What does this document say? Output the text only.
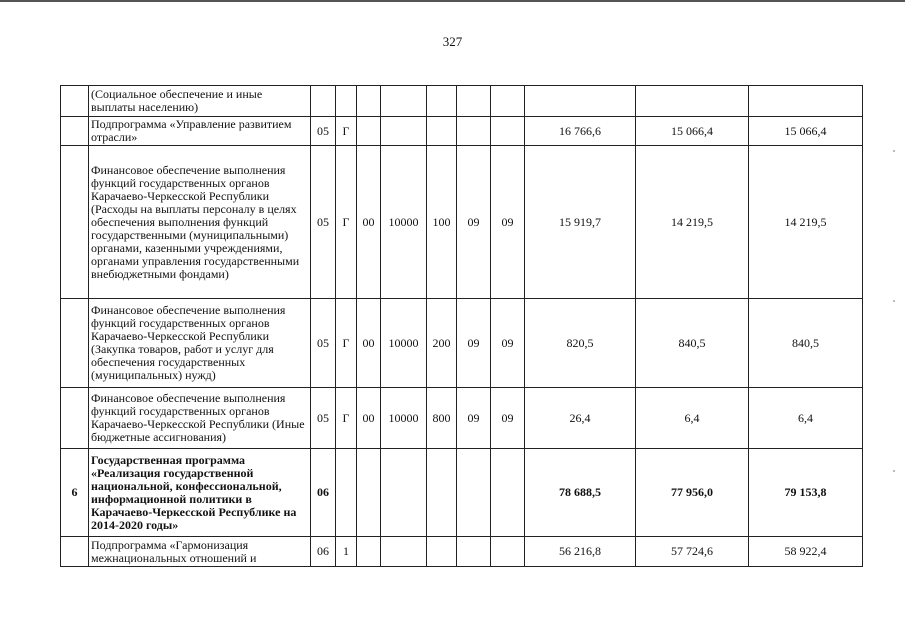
327
	(Социальное обеспечение и иные выплаты населению)										
	Подпрограмма «Управление развитием отрасли»	05	Г						16 766,6	15 066,4	15 066,4
	Финансовое обеспечение выполнения функций государственных органов Карачаево-Черкесской Республики (Расходы на выплаты персоналу в целях обеспечения выполнения функций государственными (муниципальными) органами, казенными учреждениями, органами управления государственными внебюджетными фондами)	05	Г	00	10000	100	09	09	15 919,7	14 219,5	14 219,5
	Финансовое обеспечение выполнения функций государственных органов Карачаево-Черкесской Республики (Закупка товаров, работ и услуг для обеспечения государственных (муниципальных) нужд)	05	Г	00	10000	200	09	09	820,5	840,5	840,5
	Финансовое обеспечение выполнения функций государственных органов Карачаево-Черкесской Республики (Иные бюджетные ассигнования)	05	Г	00	10000	800	09	09	26,4	6,4	6,4
6	Государственная программа «Реализация государственной национальной, конфессиональной, информационной политики в Карачаево-Черкесской Республике на 2014-2020 годы»	06							78 688,5	77 956,0	79 153,8
	Подпрограмма «Гармонизация межнациональных отношений и	06	1						56 216,8	57 724,6	58 922,4
